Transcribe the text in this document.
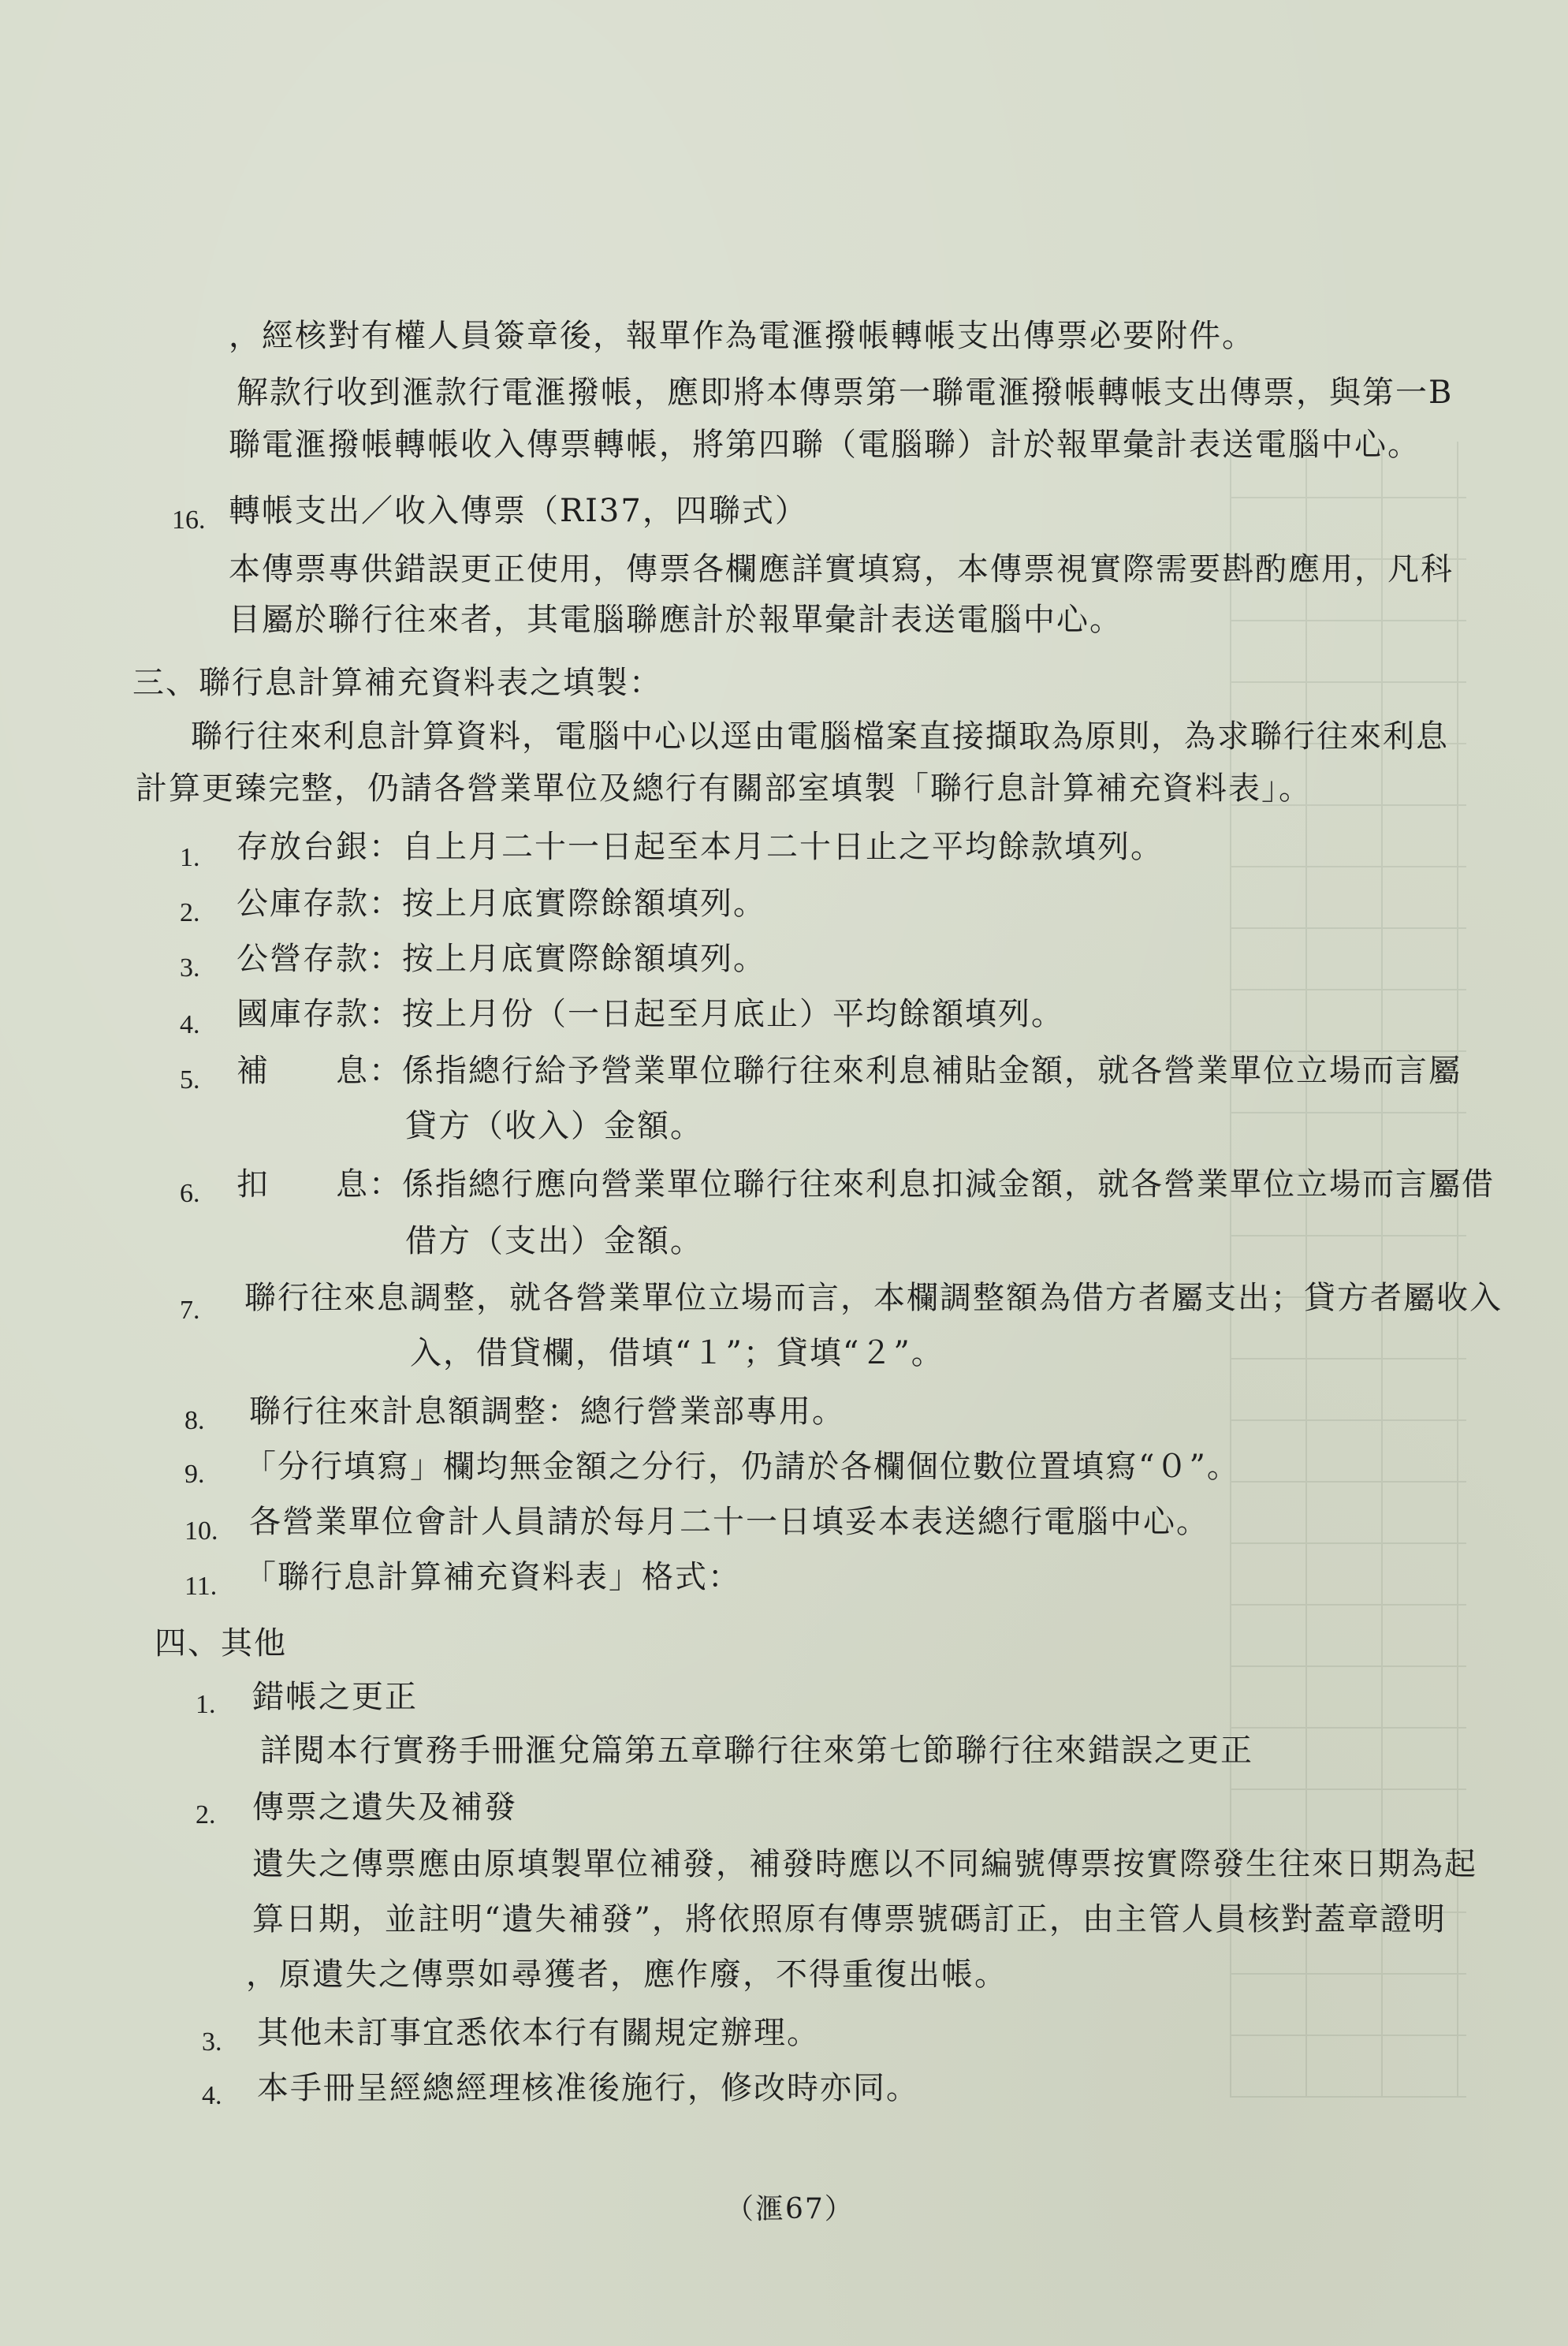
，經核對有權人員簽章後，報單作為電滙撥帳轉帳支出傳票必要附件。

解款行收到滙款行電滙撥帳，應即將本傳票第一聯電滙撥帳轉帳支出傳票，與第一B

聯電滙撥帳轉帳收入傳票轉帳，將第四聯（電腦聯）計於報單彙計表送電腦中心。

16. 轉帳支出／收入傳票（RI37，四聯式）

本傳票專供錯誤更正使用，傳票各欄應詳實填寫，本傳票視實際需要斟酌應用，凡科

目屬於聯行往來者，其電腦聯應計於報單彙計表送電腦中心。

三、聯行息計算補充資料表之填製：

聯行往來利息計算資料，電腦中心以逕由電腦檔案直接擷取為原則，為求聯行往來利息

計算更臻完整，仍請各營業單位及總行有關部室填製「聯行息計算補充資料表」。

1. 存放台銀：自上月二十一日起至本月二十日止之平均餘款填列。

2. 公庫存款：按上月底實際餘額填列。

3. 公營存款：按上月底實際餘額填列。

4. 國庫存款：按上月份（一日起至月底止）平均餘額填列。

5. 補　　息：係指總行給予營業單位聯行往來利息補貼金額，就各營業單位立場而言屬

貸方（收入）金額。

6. 扣　　息：係指總行應向營業單位聯行往來利息扣減金額，就各營業單位立場而言屬借

借方（支出）金額。

7. 聯行往來息調整，就各營業單位立場而言，本欄調整額為借方者屬支出；貸方者屬收入

入，借貸欄，借填“１”；貸填“２”。

8. 聯行往來計息額調整：總行營業部專用。

9. 「分行填寫」欄均無金額之分行，仍請於各欄個位數位置填寫“０”。

10. 各營業單位會計人員請於每月二十一日填妥本表送總行電腦中心。

11. 「聯行息計算補充資料表」格式：

四、其他

1. 錯帳之更正

詳閱本行實務手冊滙兌篇第五章聯行往來第七節聯行往來錯誤之更正

2. 傳票之遺失及補發

遺失之傳票應由原填製單位補發，補發時應以不同編號傳票按實際發生往來日期為起

算日期，並註明“遺失補發”，將依照原有傳票號碼訂正，由主管人員核對蓋章證明

，原遺失之傳票如尋獲者，應作廢，不得重復出帳。

3. 其他未訂事宜悉依本行有關規定辦理。

4. 本手冊呈經總經理核准後施行，修改時亦同。

（滙67）
